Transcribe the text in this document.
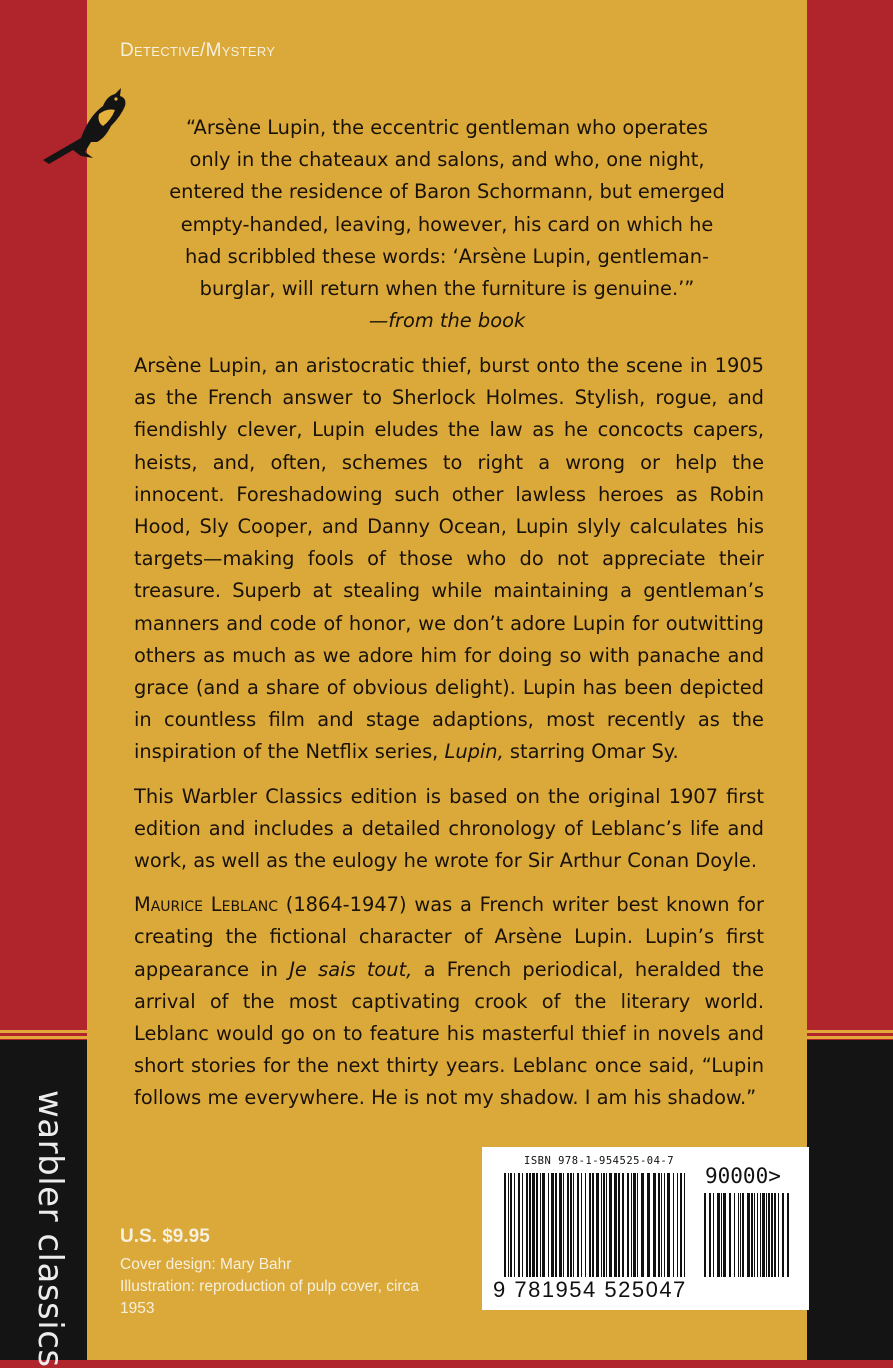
warbler classics
Detective/Mystery
“Arsène Lupin, the eccentric gentleman who operates only in the chateaux and salons, and who, one night, entered the residence of Baron Schormann, but emerged empty-handed, leaving, however, his card on which he had scribbled these words: ‘Arsène Lupin, gentleman-burglar, will return when the furniture is genuine.’”
—from the book

Arsène Lupin, an aristocratic thief, burst onto the scene in 1905 as the French answer to Sherlock Holmes. Stylish, rogue, and fiendishly clever, Lupin eludes the law as he concocts capers, heists, and, often, schemes to right a wrong or help the innocent. Foreshadowing such other lawless heroes as Robin Hood, Sly Cooper, and Danny Ocean, Lupin slyly calculates his targets—making fools of those who do not appreciate their treasure. Superb at stealing while maintaining a gentleman’s manners and code of honor, we don’t adore Lupin for outwitting others as much as we adore him for doing so with panache and grace (and a share of obvious delight). Lupin has been depicted in countless film and stage adaptions, most recently as the inspiration of the Netflix series, Lupin, starring Omar Sy.

This Warbler Classics edition is based on the original 1907 first edition and includes a detailed chronology of Leblanc’s life and work, as well as the eulogy he wrote for Sir Arthur Conan Doyle.

Maurice Leblanc (1864-1947) was a French writer best known for creating the fictional character of Arsène Lupin. Lupin’s first appearance in Je sais tout, a French periodical, heralded the arrival of the most captivating crook of the literary world. Leblanc would go on to feature his masterful thief in novels and short stories for the next thirty years. Leblanc once said, “Lupin follows me everywhere. He is not my shadow. I am his shadow.”

U.S. $9.95
Cover design: Mary Bahr
Illustration: reproduction of pulp cover, circa 1953
ISBN 978-1-954525-04-7
90000>
9 781954 525047
